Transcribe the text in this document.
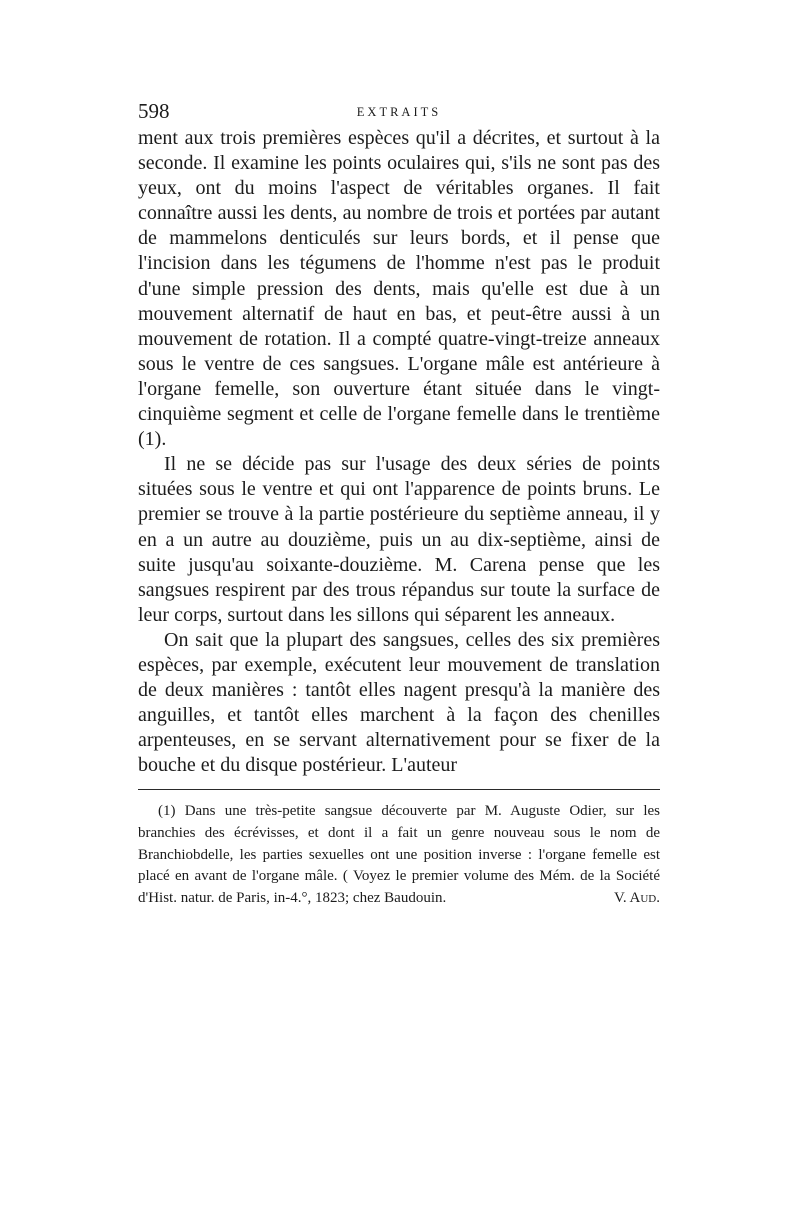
598	EXTRAITS

ment aux trois premières espèces qu'il a décrites, et surtout à la seconde. Il examine les points oculaires qui, s'ils ne sont pas des yeux, ont du moins l'aspect de véritables organes. Il fait connaître aussi les dents, au nombre de trois et portées par autant de mammelons denticulés sur leurs bords, et il pense que l'incision dans les tégumens de l'homme n'est pas le produit d'une simple pression des dents, mais qu'elle est due à un mouvement alternatif de haut en bas, et peut-être aussi à un mouvement de rotation. Il a compté quatre-vingt-treize anneaux sous le ventre de ces sangsues. L'organe mâle est antérieure à l'organe femelle, son ouverture étant située dans le vingt-cinquième segment et celle de l'organe femelle dans le trentième (1).

Il ne se décide pas sur l'usage des deux séries de points situées sous le ventre et qui ont l'apparence de points bruns. Le premier se trouve à la partie postérieure du septième anneau, il y en a un autre au douzième, puis un au dix-septième, ainsi de suite jusqu'au soixante-douzième. M. Carena pense que les sangsues respirent par des trous répandus sur toute la surface de leur corps, surtout dans les sillons qui séparent les anneaux.

On sait que la plupart des sangsues, celles des six premières espèces, par exemple, exécutent leur mouvement de translation de deux manières : tantôt elles nagent presqu'à la manière des anguilles, et tantôt elles marchent à la façon des chenilles arpenteuses, en se servant alternativement pour se fixer de la bouche et du disque postérieur. L'auteur

(1) Dans une très-petite sangsue découverte par M. Auguste Odier, sur les branchies des écrévisses, et dont il a fait un genre nouveau sous le nom de Branchiobdelle, les parties sexuelles ont une position inverse : l'organe femelle est placé en avant de l'organe mâle. ( Voyez le premier volume des Mém. de la Société d'Hist. natur. de Paris, in-4.°, 1823; chez Baudouin.	V. Aud.
